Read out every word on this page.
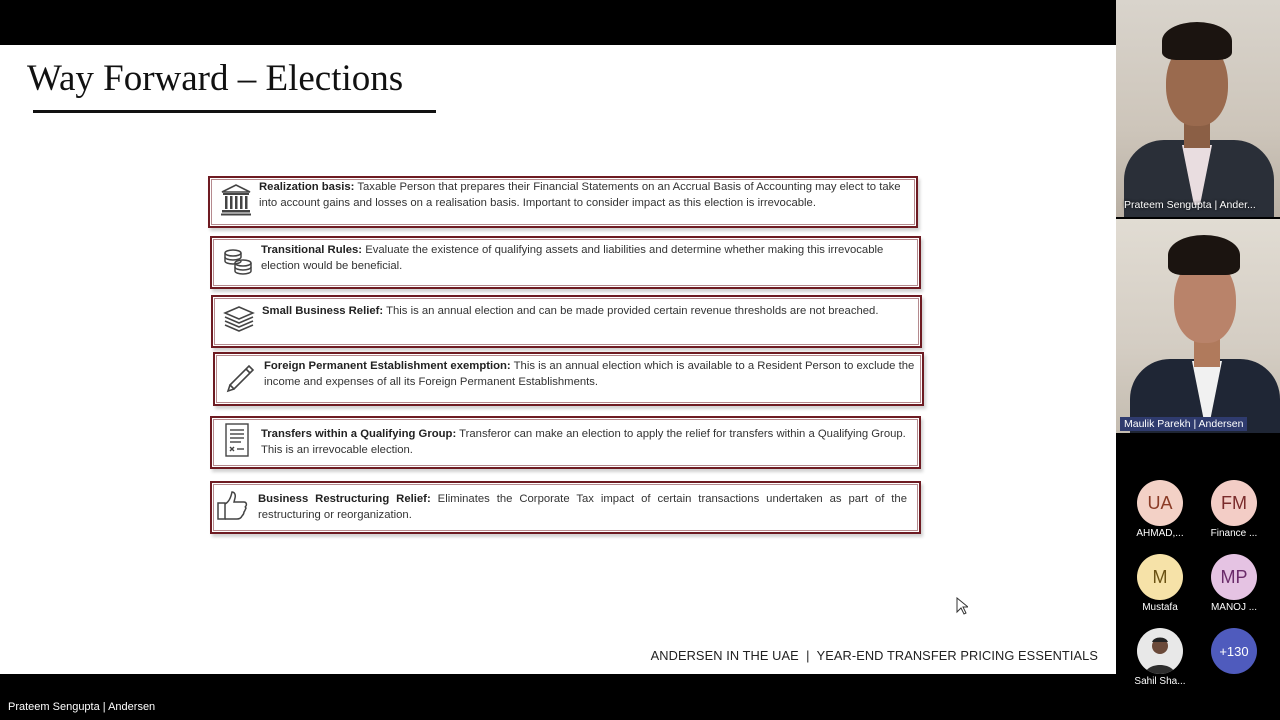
Way Forward – Elections
Realization basis: Taxable Person that prepares their Financial Statements on an Accrual Basis of Accounting may elect to take into account gains and losses on a realisation basis. Important to consider impact as this election is irrevocable.
Transitional Rules: Evaluate the existence of qualifying assets and liabilities and determine whether making this irrevocable election would be beneficial.
Small Business Relief: This is an annual election and can be made provided certain revenue thresholds are not breached.
Foreign Permanent Establishment exemption: This is an annual election which is available to a Resident Person to exclude the income and expenses of all its Foreign Permanent Establishments.
Transfers within a Qualifying Group: Transferor can make an election to apply the relief for transfers within a Qualifying Group. This is an irrevocable election.
Business Restructuring Relief: Eliminates the Corporate Tax impact of certain transactions undertaken as part of the restructuring or reorganization.
ANDERSEN IN THE UAE  |  YEAR-END TRANSFER PRICING ESSENTIALS
Prateem Sengupta | Ander...
Maulik Parekh | Andersen
UA
AHMAD,...
FM
Finance ...
M
Mustafa
MP
MANOJ ...
Sahil Sha...
+130
Prateem Sengupta | Andersen
